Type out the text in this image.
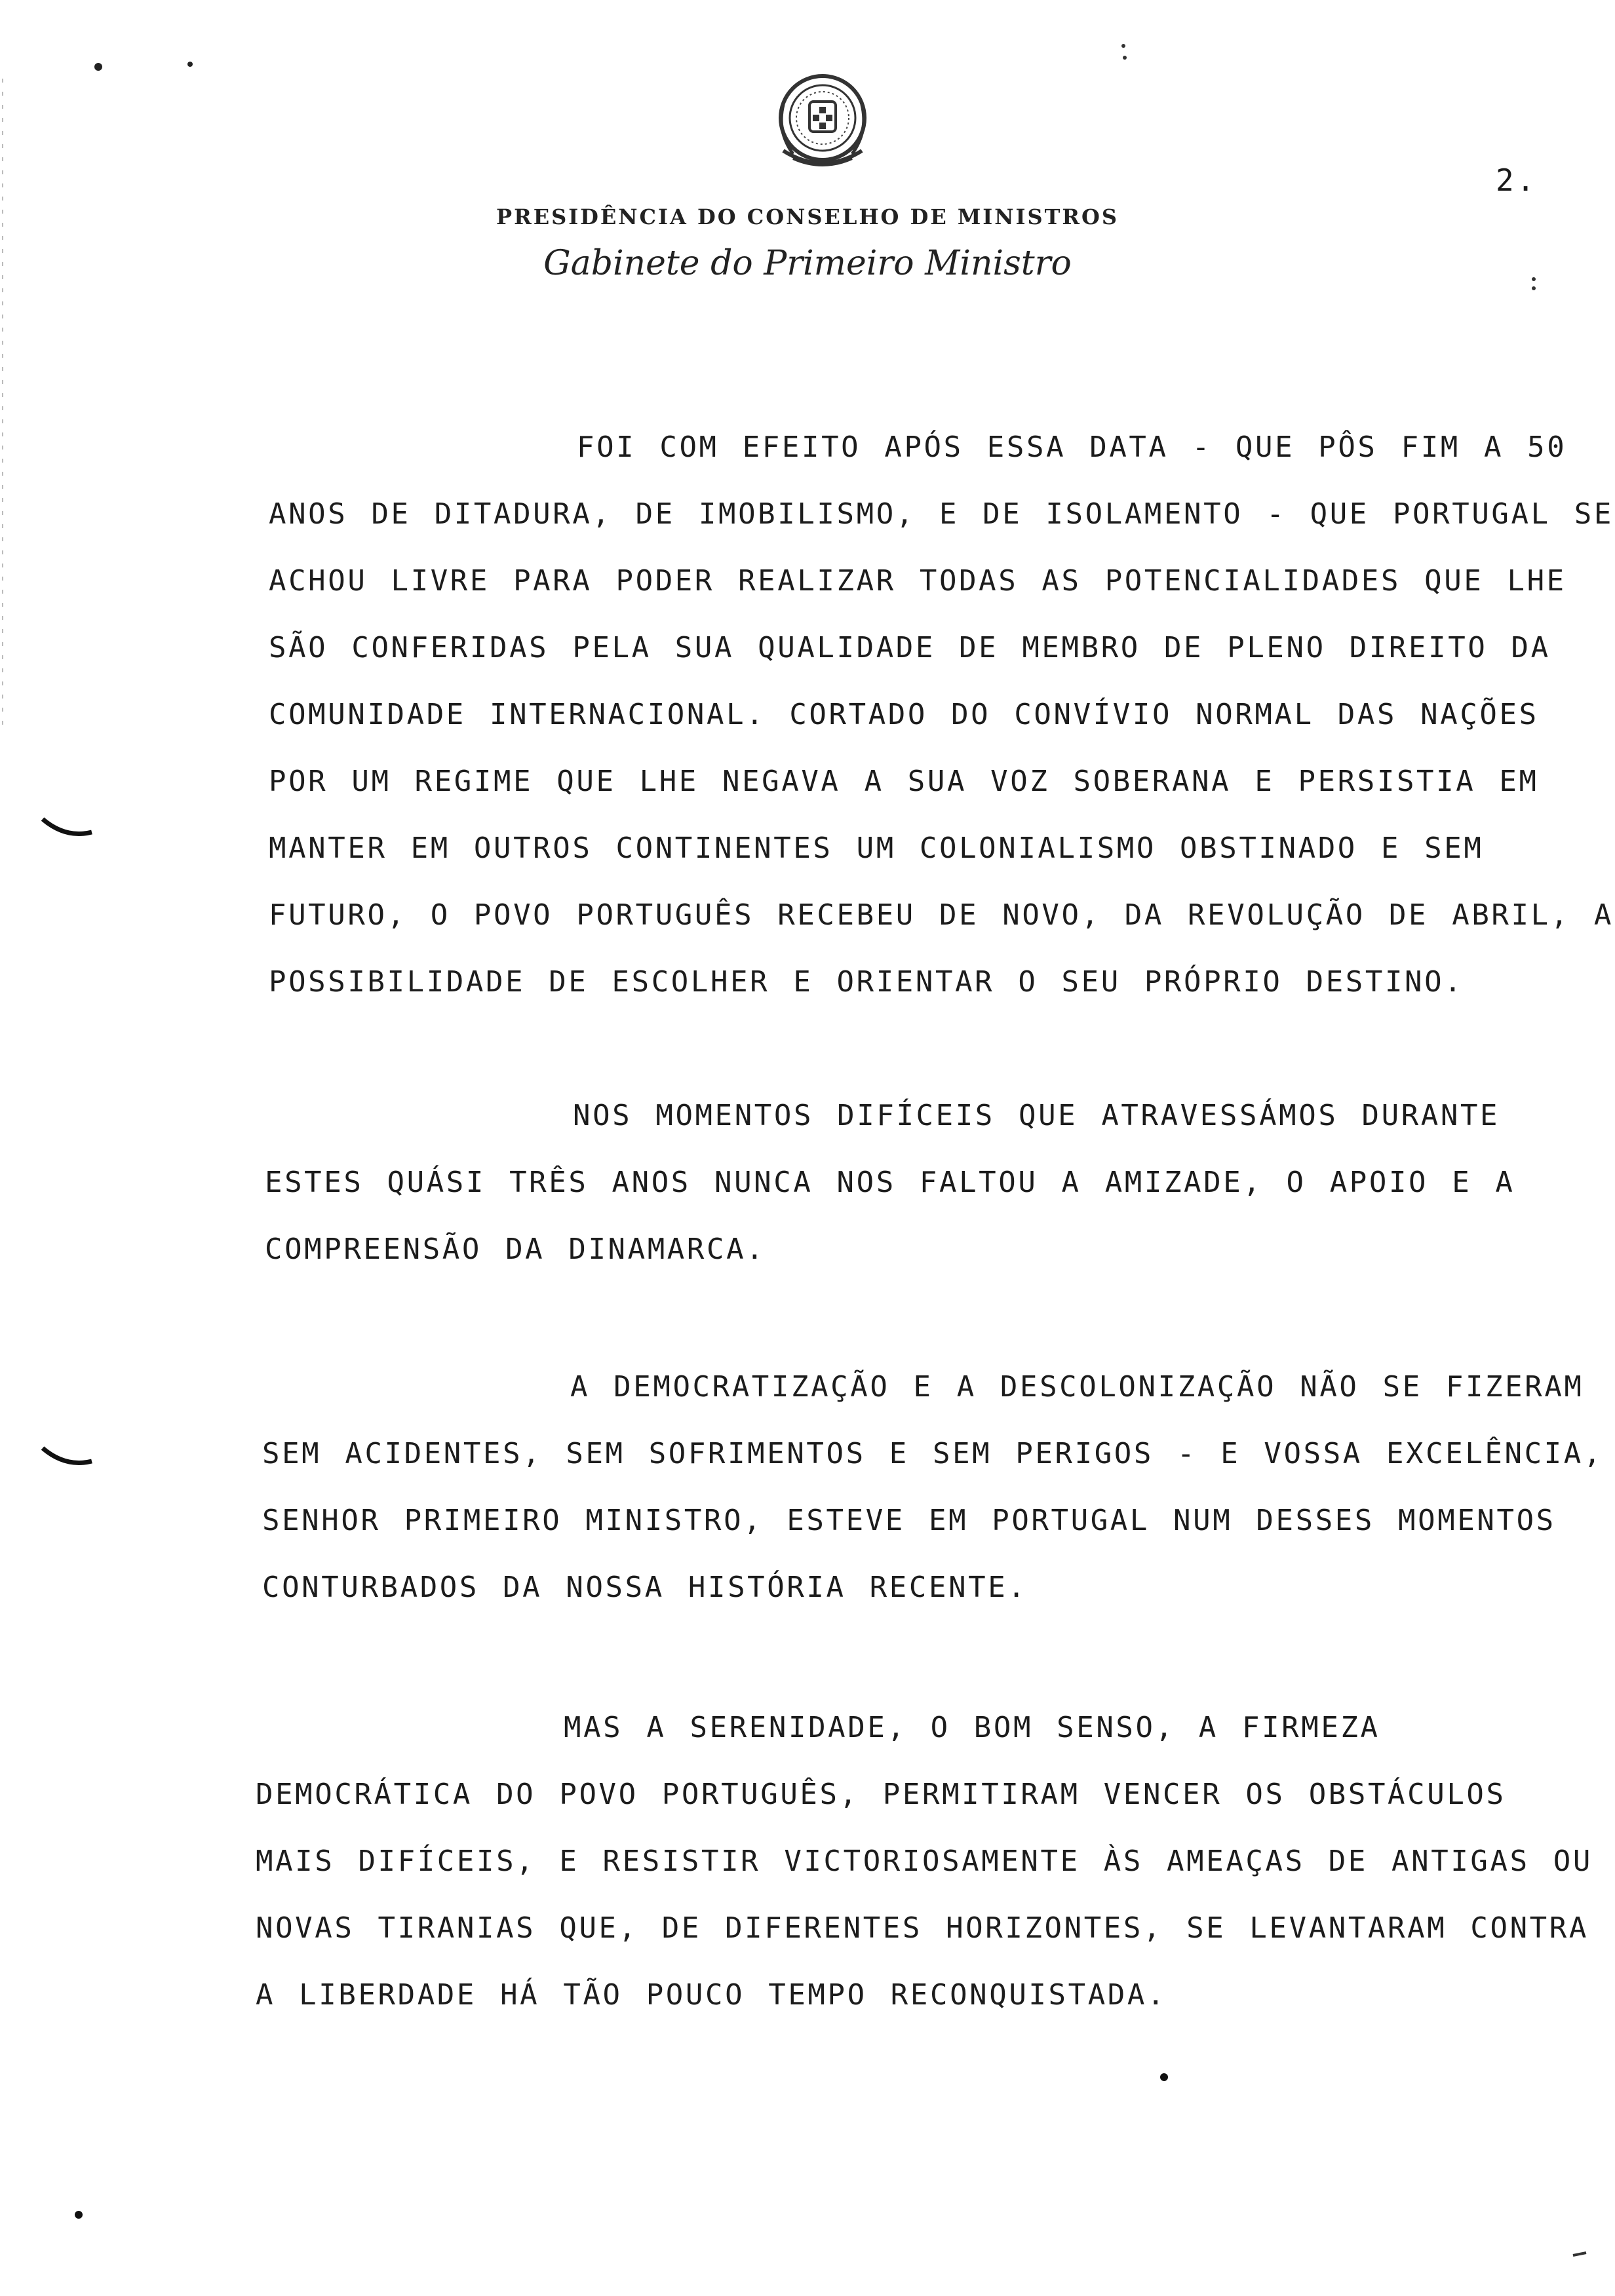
2.
PRESIDÊNCIA DO CONSELHO DE MINISTROS
Gabinete do Primeiro Ministro

FOI COM EFEITO APÓS ESSA DATA - QUE PÔS FIM A 50 ANOS DE DITADURA, DE IMOBILISMO, E DE ISOLAMENTO - QUE PORTUGAL SE ACHOU LIVRE PARA PODER REALIZAR TODAS AS POTENCIALIDADES QUE LHE SÃO CONFERIDAS PELA SUA QUALIDADE DE MEMBRO DE PLENO DIREITO DA COMUNIDADE INTERNACIONAL. CORTADO DO CONVÍVIO NORMAL DAS NAÇÕES POR UM REGIME QUE LHE NEGAVA A SUA VOZ SOBERANA E PERSISTIA EM MANTER EM OUTROS CONTINENTES UM COLONIALISMO OBSTINADO E SEM FUTURO, O POVO PORTUGUÊS RECEBEU DE NOVO, DA REVOLUÇÃO DE ABRIL, A POSSIBILIDADE DE ESCOLHER E ORIENTAR O SEU PRÓPRIO DESTINO.

NOS MOMENTOS DIFÍCEIS QUE ATRAVESSÁMOS DURANTE ESTES QUÁSI TRÊS ANOS NUNCA NOS FALTOU A AMIZADE, O APOIO E A COMPREENSÃO DA DINAMARCA.

A DEMOCRATIZAÇÃO E A DESCOLONIZAÇÃO NÃO SE FIZERAM SEM ACIDENTES, SEM SOFRIMENTOS E SEM PERIGOS - E VOSSA EXCELÊNCIA, SENHOR PRIMEIRO MINISTRO, ESTEVE EM PORTUGAL NUM DESSES MOMENTOS CONTURBADOS DA NOSSA HISTÓRIA RECENTE.

MAS A SERENIDADE, O BOM SENSO, A FIRMEZA DEMOCRÁTICA DO POVO PORTUGUÊS, PERMITIRAM VENCER OS OBSTÁCULOS MAIS DIFÍCEIS, E RESISTIR VICTORIOSAMENTE ÀS AMEAÇAS DE ANTIGAS OU NOVAS TIRANIAS QUE, DE DIFERENTES HORIZONTES, SE LEVANTARAM CONTRA A LIBERDADE HÁ TÃO POUCO TEMPO RECONQUISTADA.
